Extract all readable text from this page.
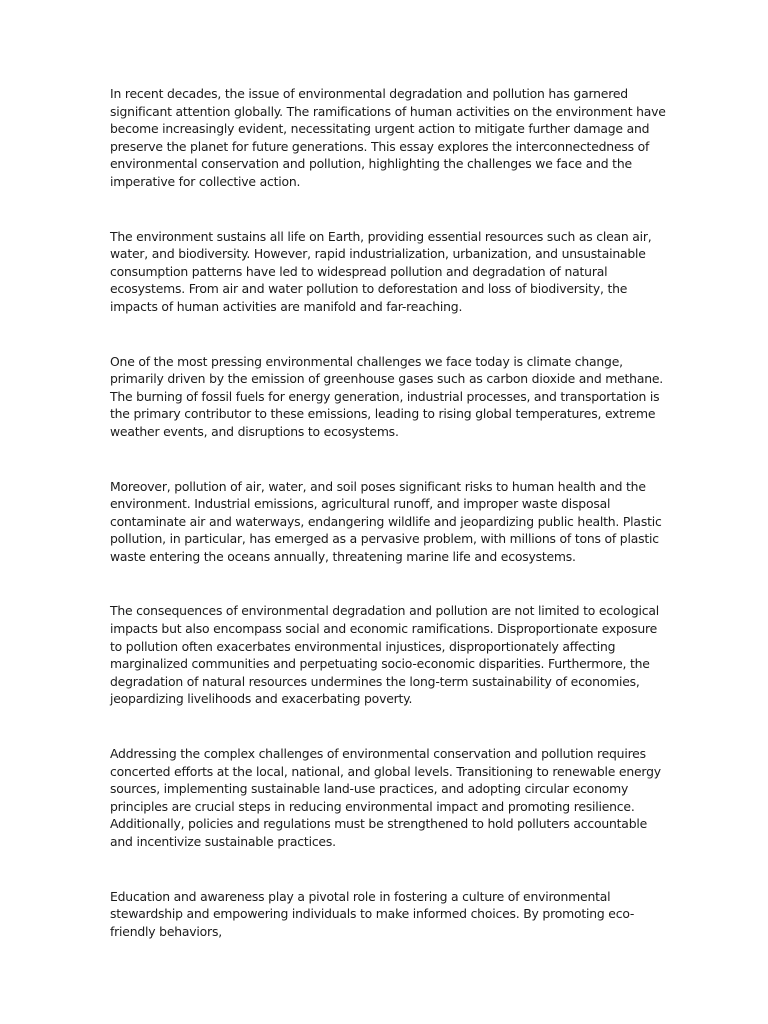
In recent decades, the issue of environmental degradation and pollution has garnered significant attention globally. The ramifications of human activities on the environment have become increasingly evident, necessitating urgent action to mitigate further damage and preserve the planet for future generations. This essay explores the interconnectedness of environmental conservation and pollution, highlighting the challenges we face and the imperative for collective action.

The environment sustains all life on Earth, providing essential resources such as clean air, water, and biodiversity. However, rapid industrialization, urbanization, and unsustainable consumption patterns have led to widespread pollution and degradation of natural ecosystems. From air and water pollution to deforestation and loss of biodiversity, the impacts of human activities are manifold and far-reaching.

One of the most pressing environmental challenges we face today is climate change, primarily driven by the emission of greenhouse gases such as carbon dioxide and methane. The burning of fossil fuels for energy generation, industrial processes, and transportation is the primary contributor to these emissions, leading to rising global temperatures, extreme weather events, and disruptions to ecosystems.

Moreover, pollution of air, water, and soil poses significant risks to human health and the environment. Industrial emissions, agricultural runoff, and improper waste disposal contaminate air and waterways, endangering wildlife and jeopardizing public health. Plastic pollution, in particular, has emerged as a pervasive problem, with millions of tons of plastic waste entering the oceans annually, threatening marine life and ecosystems.

The consequences of environmental degradation and pollution are not limited to ecological impacts but also encompass social and economic ramifications. Disproportionate exposure to pollution often exacerbates environmental injustices, disproportionately affecting marginalized communities and perpetuating socio-economic disparities. Furthermore, the degradation of natural resources undermines the long-term sustainability of economies, jeopardizing livelihoods and exacerbating poverty.

Addressing the complex challenges of environmental conservation and pollution requires concerted efforts at the local, national, and global levels. Transitioning to renewable energy sources, implementing sustainable land-use practices, and adopting circular economy principles are crucial steps in reducing environmental impact and promoting resilience. Additionally, policies and regulations must be strengthened to hold polluters accountable and incentivize sustainable practices.

Education and awareness play a pivotal role in fostering a culture of environmental stewardship and empowering individuals to make informed choices. By promoting eco-friendly behaviors,
